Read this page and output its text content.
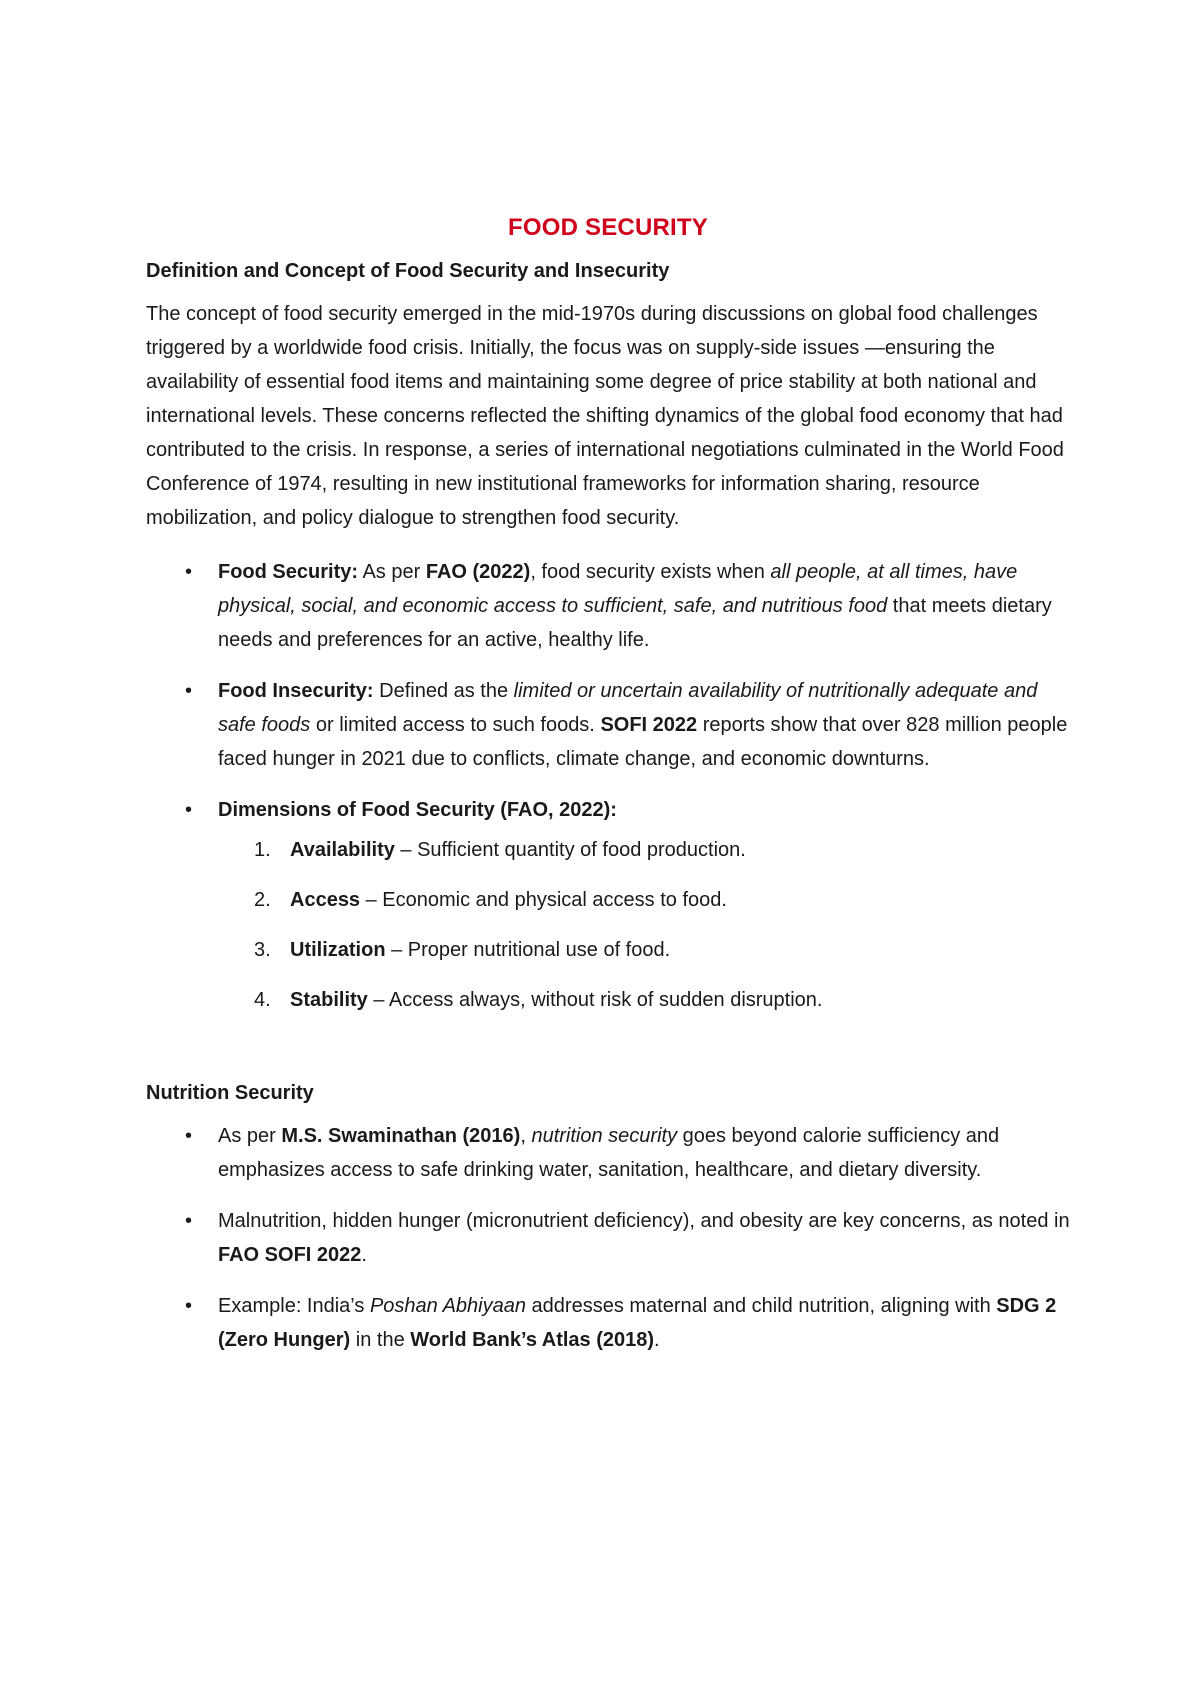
FOOD SECURITY
Definition and Concept of Food Security and Insecurity

The concept of food security emerged in the mid-1970s during discussions on global food challenges triggered by a worldwide food crisis. Initially, the focus was on supply-side issues —ensuring the availability of essential food items and maintaining some degree of price stability at both national and international levels. These concerns reflected the shifting dynamics of the global food economy that had contributed to the crisis. In response, a series of international negotiations culminated in the World Food Conference of 1974, resulting in new institutional frameworks for information sharing, resource mobilization, and policy dialogue to strengthen food security.

• Food Security: As per FAO (2022), food security exists when all people, at all times, have physical, social, and economic access to sufficient, safe, and nutritious food that meets dietary needs and preferences for an active, healthy life.
• Food Insecurity: Defined as the limited or uncertain availability of nutritionally adequate and safe foods or limited access to such foods. SOFI 2022 reports show that over 828 million people faced hunger in 2021 due to conflicts, climate change, and economic downturns.
• Dimensions of Food Security (FAO, 2022):
1. Availability – Sufficient quantity of food production.
2. Access – Economic and physical access to food.
3. Utilization – Proper nutritional use of food.
4. Stability – Access always, without risk of sudden disruption.
Nutrition Security
• As per M.S. Swaminathan (2016), nutrition security goes beyond calorie sufficiency and emphasizes access to safe drinking water, sanitation, healthcare, and dietary diversity.
• Malnutrition, hidden hunger (micronutrient deficiency), and obesity are key concerns, as noted in FAO SOFI 2022.
• Example: India’s Poshan Abhiyaan addresses maternal and child nutrition, aligning with SDG 2 (Zero Hunger) in the World Bank’s Atlas (2018).
